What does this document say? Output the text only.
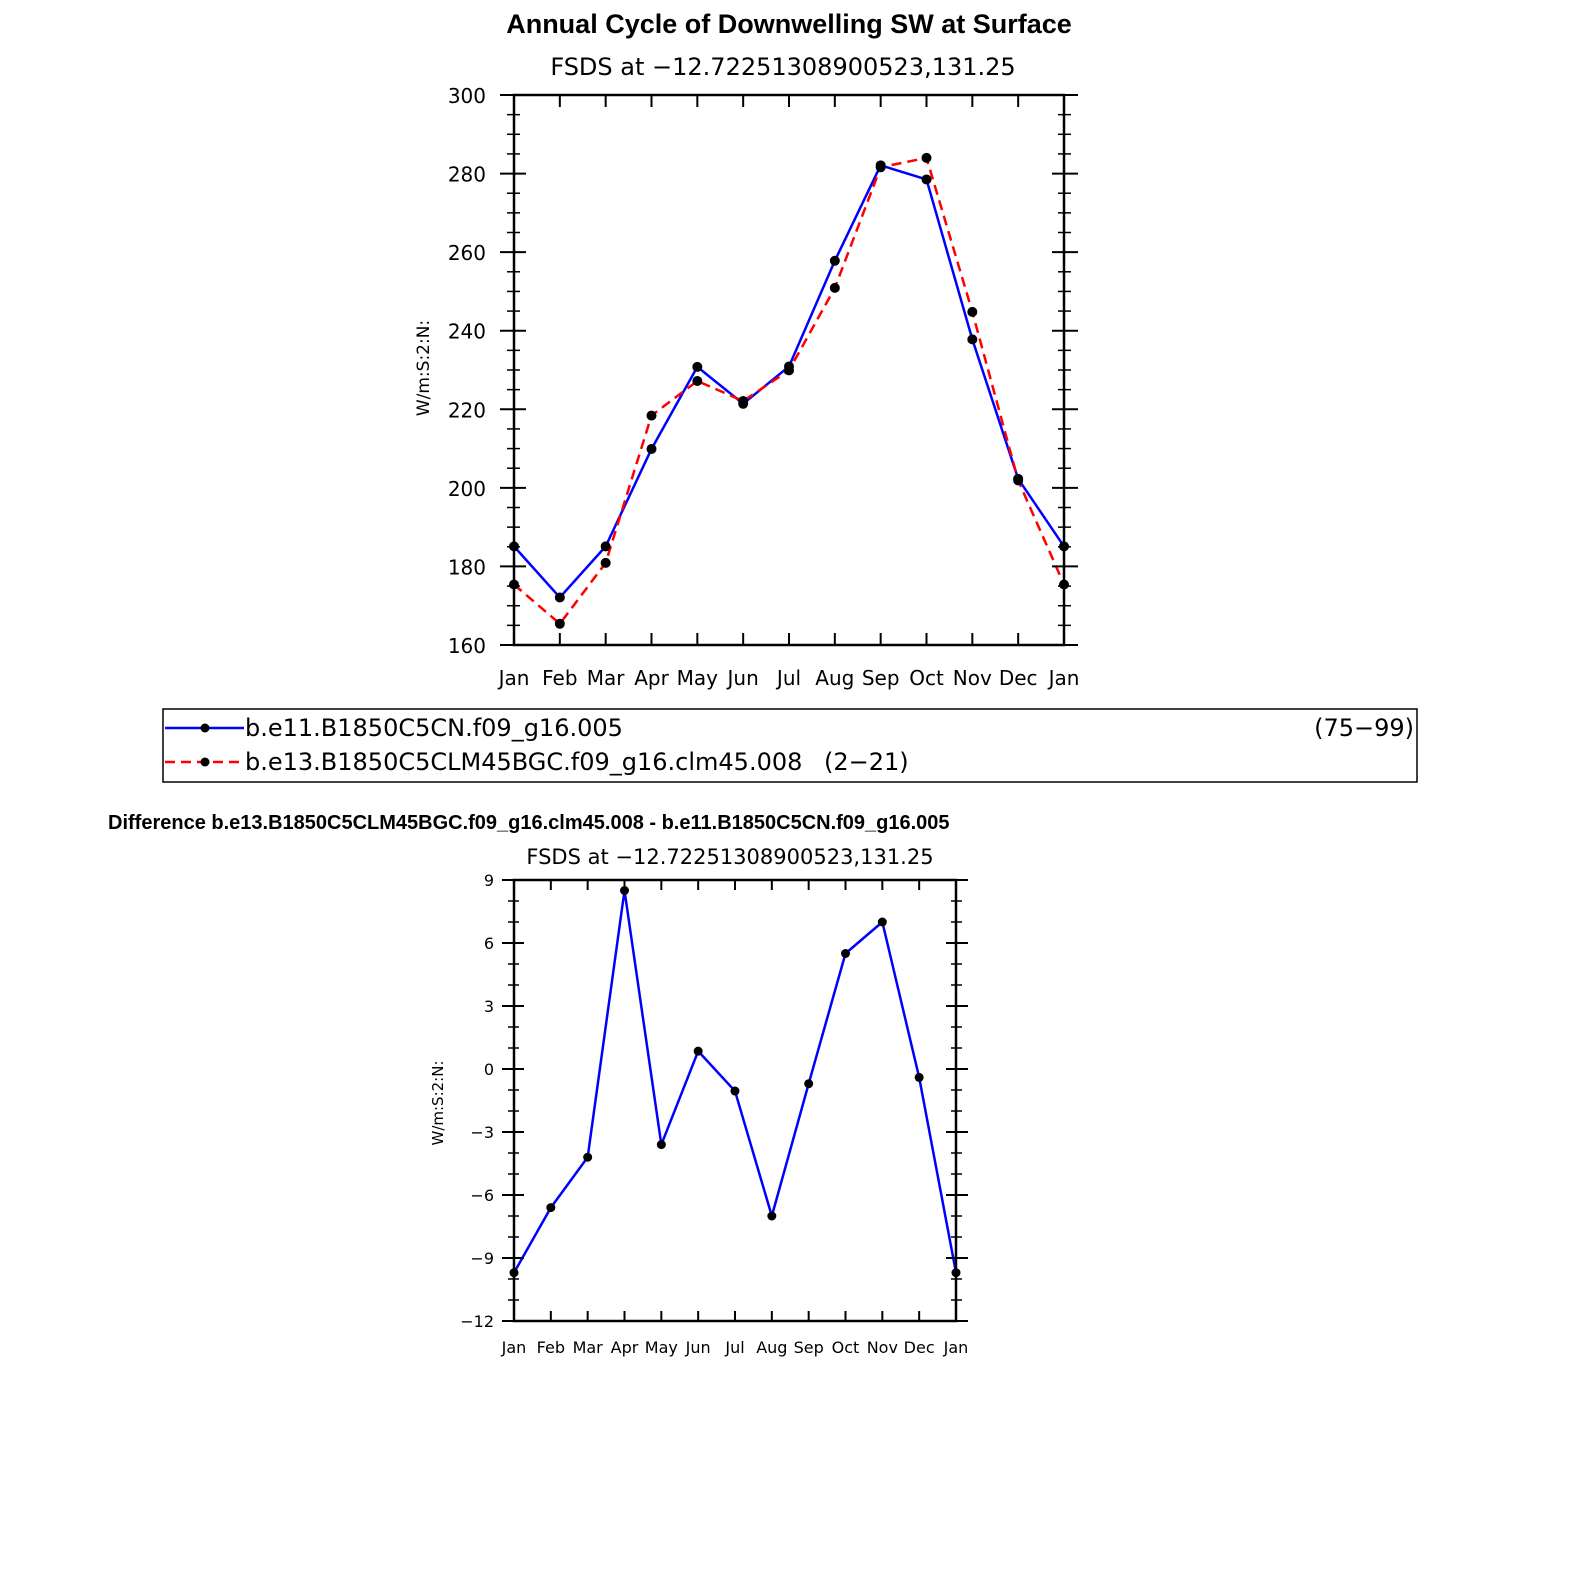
Annual Cycle of Downwelling SW at Surface
FSDS at −12.72251308900523,131.25
W/m:S:2:N:
Jan Feb Mar Apr May Jun Jul Aug Sep Oct Nov Dec Jan
160
180
200
220
240
260
280
300
b.e11.B1850C5CN.f09_g16.005	(75−99)
b.e13.B1850C5CLM45BGC.f09_g16.clm45.008 (2−21)
Difference b.e13.B1850C5CLM45BGC.f09_g16.clm45.008 - b.e11.B1850C5CN.f09_g16.005
FSDS at −12.72251308900523,131.25
W/m:S:2:N:
Jan Feb Mar Apr May Jun Jul Aug Sep Oct Nov Dec Jan
−12
−9
−6
−3
0
3
6
9
